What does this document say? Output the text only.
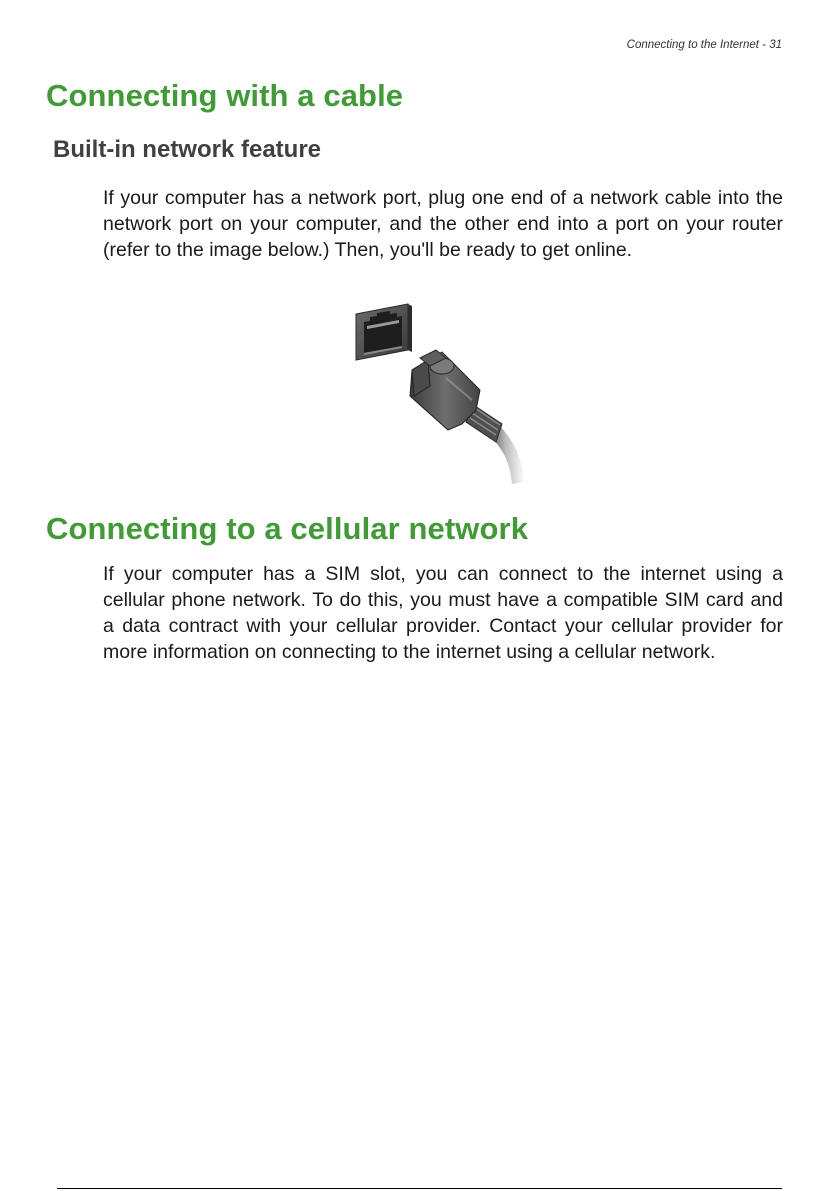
Connecting to the Internet - 31
Connecting with a cable
Built-in network feature

If your computer has a network port, plug one end of a network cable into the network port on your computer, and the other end into a port on your router (refer to the image below.) Then, you'll be ready to get online.

Connecting to a cellular network

If your computer has a SIM slot, you can connect to the internet using a cellular phone network. To do this, you must have a compatible SIM card and a data contract with your cellular provider. Contact your cellular provider for more information on connecting to the internet using a cellular network.
